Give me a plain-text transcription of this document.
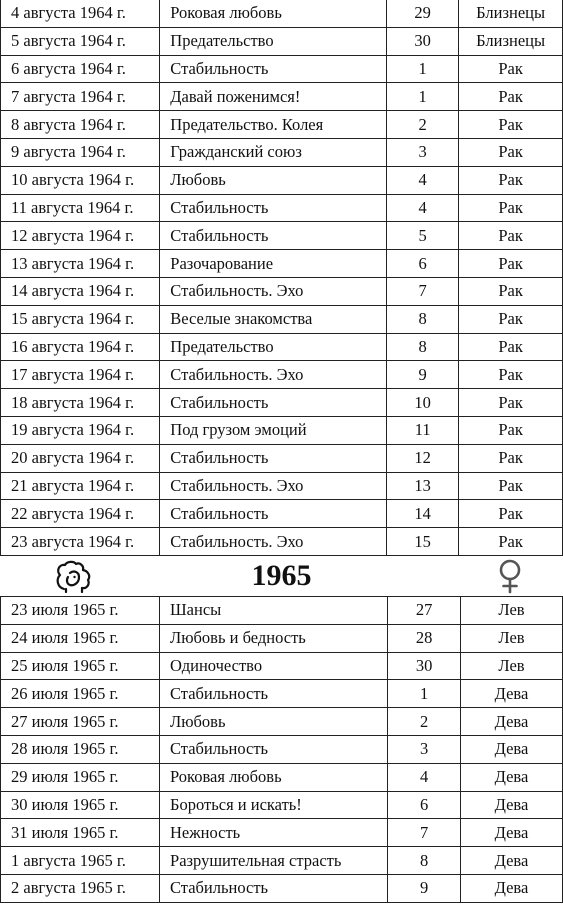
4 августа 1964 г.	Роковая любовь	29	Близнецы
5 августа 1964 г.	Предательство	30	Близнецы
6 августа 1964 г.	Стабильность	1	Рак
7 августа 1964 г.	Давай поженимся!	1	Рак
8 августа 1964 г.	Предательство. Колея	2	Рак
9 августа 1964 г.	Гражданский союз	3	Рак
10 августа 1964 г.	Любовь	4	Рак
11 августа 1964 г.	Стабильность	4	Рак
12 августа 1964 г.	Стабильность	5	Рак
13 августа 1964 г.	Разочарование	6	Рак
14 августа 1964 г.	Стабильность. Эхо	7	Рак
15 августа 1964 г.	Веселые знакомства	8	Рак
16 августа 1964 г.	Предательство	8	Рак
17 августа 1964 г.	Стабильность. Эхо	9	Рак
18 августа 1964 г.	Стабильность	10	Рак
19 августа 1964 г.	Под грузом эмоций	11	Рак
20 августа 1964 г.	Стабильность	12	Рак
21 августа 1964 г.	Стабильность. Эхо	13	Рак
22 августа 1964 г.	Стабильность	14	Рак
23 августа 1964 г.	Стабильность. Эхо	15	Рак
1965
23 июля 1965 г.	Шансы	27	Лев
24 июля 1965 г.	Любовь и бедность	28	Лев
25 июля 1965 г.	Одиночество	30	Лев
26 июля 1965 г.	Стабильность	1	Дева
27 июля 1965 г.	Любовь	2	Дева
28 июля 1965 г.	Стабильность	3	Дева
29 июля 1965 г.	Роковая любовь	4	Дева
30 июля 1965 г.	Бороться и искать!	6	Дева
31 июля 1965 г.	Нежность	7	Дева
1 августа 1965 г.	Разрушительная страсть	8	Дева
2 августа 1965 г.	Стабильность	9	Дева
